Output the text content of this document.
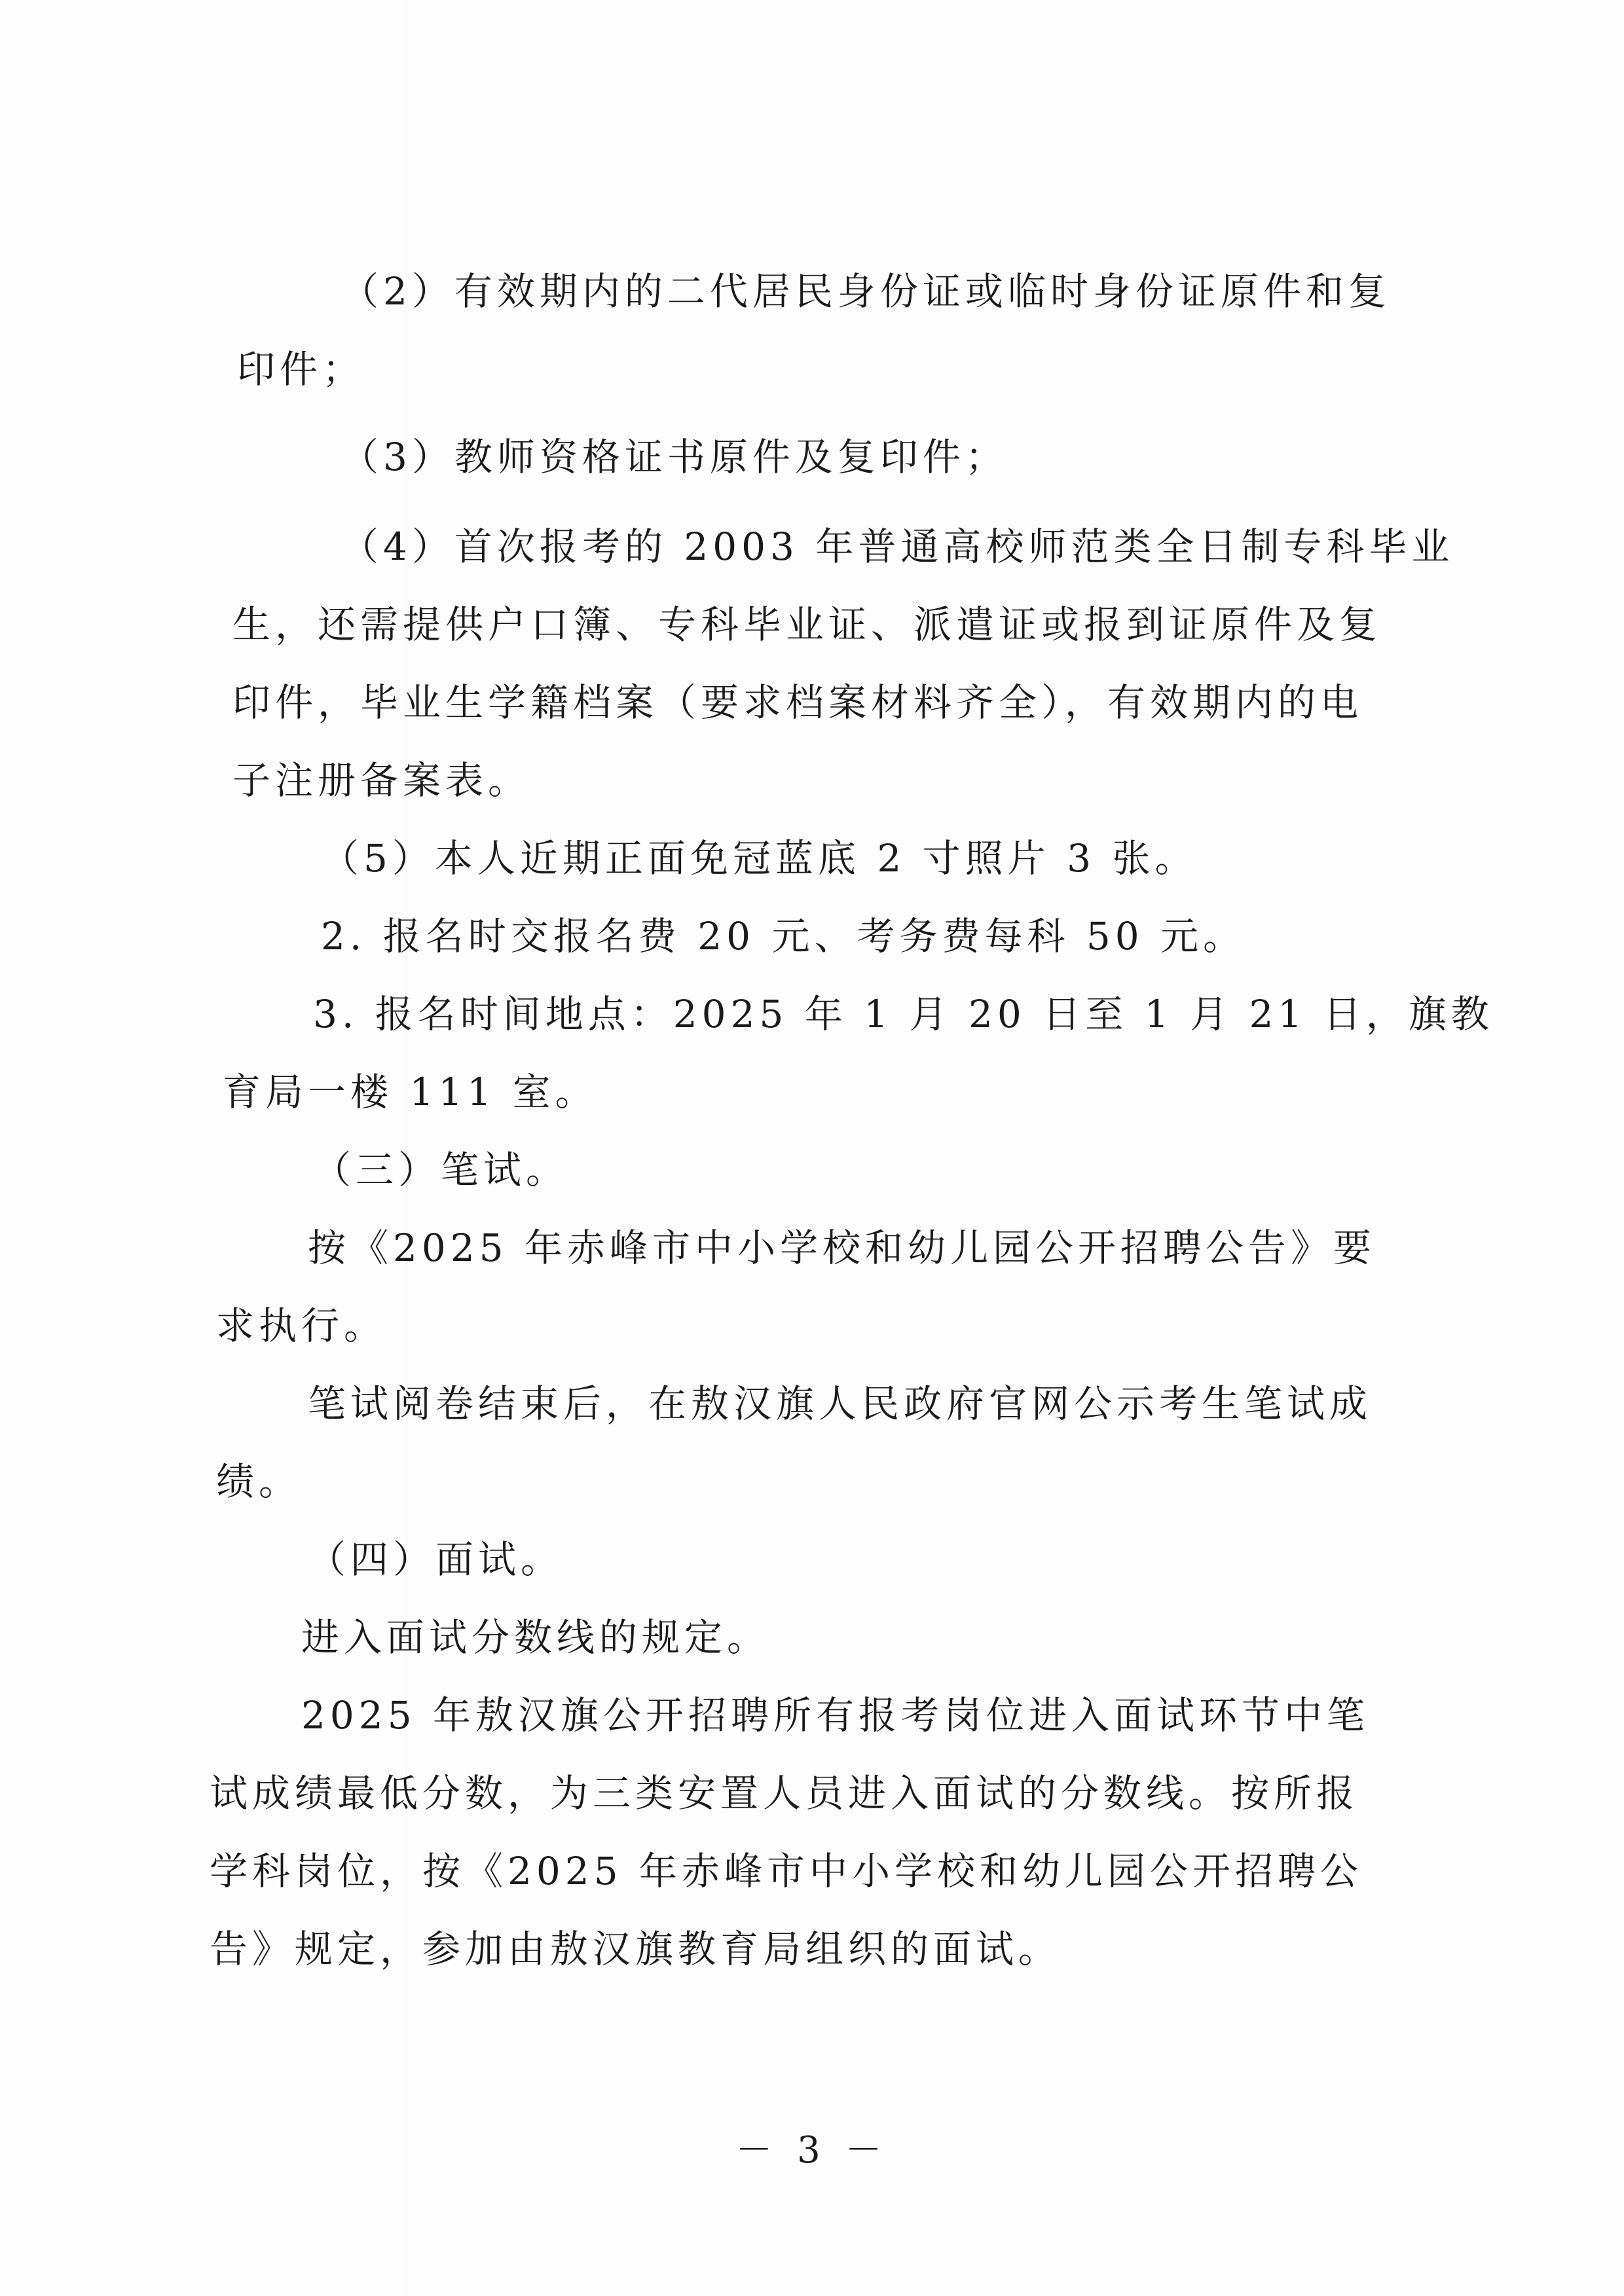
（2）有效期内的二代居民身份证或临时身份证原件和复
印件；
（3）教师资格证书原件及复印件；
（4）首次报考的 2003 年普通高校师范类全日制专科毕业
生，还需提供户口簿、专科毕业证、派遣证或报到证原件及复
印件，毕业生学籍档案（要求档案材料齐全），有效期内的电
子注册备案表。
（5）本人近期正面免冠蓝底 2 寸照片 3 张。
2. 报名时交报名费 20 元、考务费每科 50 元。
3. 报名时间地点：2025 年 1 月 20 日至 1 月 21 日，旗教
育局一楼 111 室。
（三）笔试。
按《2025 年赤峰市中小学校和幼儿园公开招聘公告》要
求执行。
笔试阅卷结束后，在敖汉旗人民政府官网公示考生笔试成
绩。
（四）面试。
进入面试分数线的规定。
2025 年敖汉旗公开招聘所有报考岗位进入面试环节中笔
试成绩最低分数，为三类安置人员进入面试的分数线。按所报
学科岗位，按《2025 年赤峰市中小学校和幼儿园公开招聘公
告》规定，参加由敖汉旗教育局组织的面试。
－ 3 －
